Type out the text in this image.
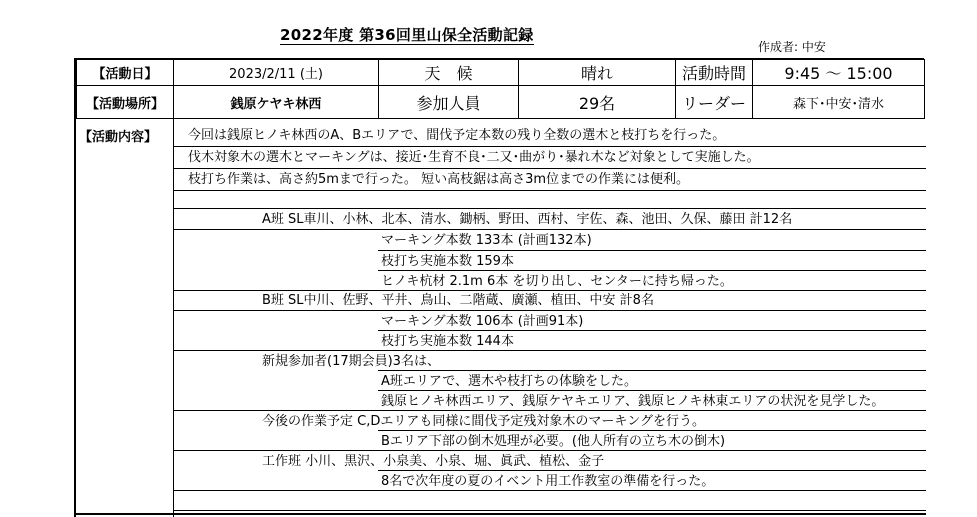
2022年度 第36回里山保全活動記録
作成者: 中安
【活動日】	2023/2/11 (土)	天　候	晴れ	活動時間	9:45 ～ 15:00
【活動場所】	銭原ケヤキ林西	参加人員	29名	リーダー	森下･中安･清水
【活動内容】 今回は銭原ヒノキ林西のA、Bエリアで、間伐予定本数の残り全数の選木と枝打ちを行った。
伐木対象木の選木とマーキングは、接近･生育不良･二又･曲がり･暴れ木など対象として実施した。
枝打ち作業は、高さ約5mまで行った。 短い高枝鋸は高さ3m位までの作業には便利。
A班 SL車川、小林、北本、清水、鋤柄、野田、西村、宇佐、森、池田、久保、藤田 計12名
マーキング本数 133本 (計画132本)
枝打ち実施本数 159本
ヒノキ杭材 2.1m 6本 を切り出し、センターに持ち帰った。
B班 SL中川、佐野、平井、鳥山、二階蔵、廣瀬、植田、中安 計8名
マーキング本数 106本 (計画91本)
枝打ち実施本数 144本
新規参加者(17期会員)3名は、
A班エリアで、選木や枝打ちの体験をした。
銭原ヒノキ林西エリア、銭原ケヤキエリア、銭原ヒノキ林東エリアの状況を見学した。
今後の作業予定 C,Dエリアも同様に間伐予定残対象木のマーキングを行う。
Bエリア下部の倒木処理が必要。(他人所有の立ち木の倒木)
工作班 小川、黒沢、小泉美、小泉、堀、眞武、植松、金子
8名で次年度の夏のイベント用工作教室の準備を行った。
